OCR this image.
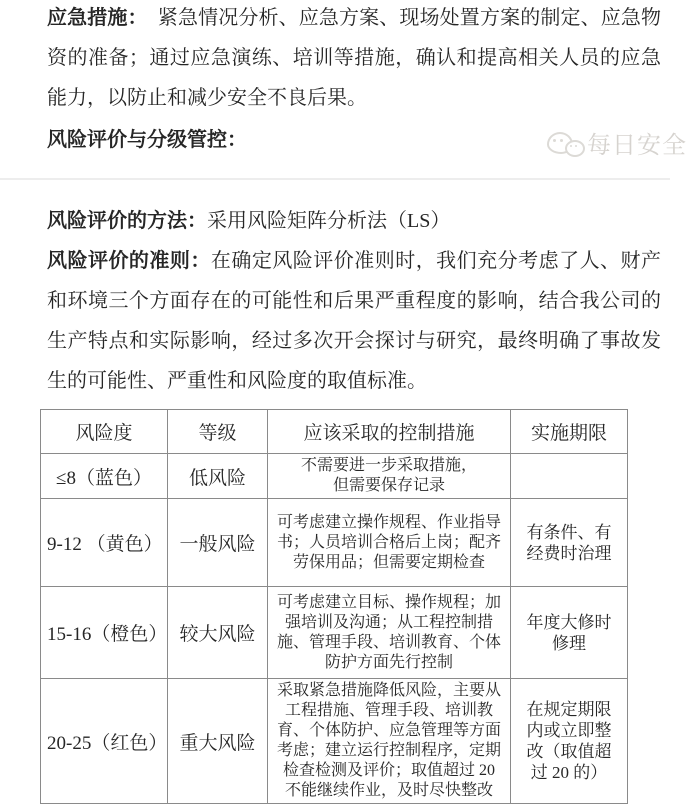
应急措施：　紧急情况分析、应急方案、现场处置方案的制定、应急物资的准备；通过应急演练、培训等措施，确认和提高相关人员的应急能力，以防止和减少安全不良后果。

风险评价与分级管控：	每日安全

风险评价的方法：采用风险矩阵分析法（LS）

风险评价的准则：在确定风险评价准则时，我们充分考虑了人、财产和环境三个方面存在的可能性和后果严重程度的影响，结合我公司的生产特点和实际影响，经过多次开会探讨与研究，最终明确了事故发生的可能性、严重性和风险度的取值标准。

风险度	等级	应该采取的控制措施	实施期限
≤8（蓝色）	低风险	不需要进一步采取措施，
但需要保存记录	
9-12 （黄色）	一般风险	可考虑建立操作规程、作业指导书；人员培训合格后上岗；配齐劳保用品；但需要定期检查	有条件、有
经费时治理
15-16（橙色）	较大风险	可考虑建立目标、操作规程；加强培训及沟通；从工程控制措施、管理手段、培训教育、个体防护方面先行控制	年度大修时
修理
20-25（红色）	重大风险	采取紧急措施降低风险，主要从工程措施、管理手段、培训教育、个体防护、应急管理等方面考虑；建立运行控制程序，定期检查检测及评价；取值超过 20 不能继续作业，及时尽快整改	在规定期限
内或立即整
改（取值超
过 20 的）
